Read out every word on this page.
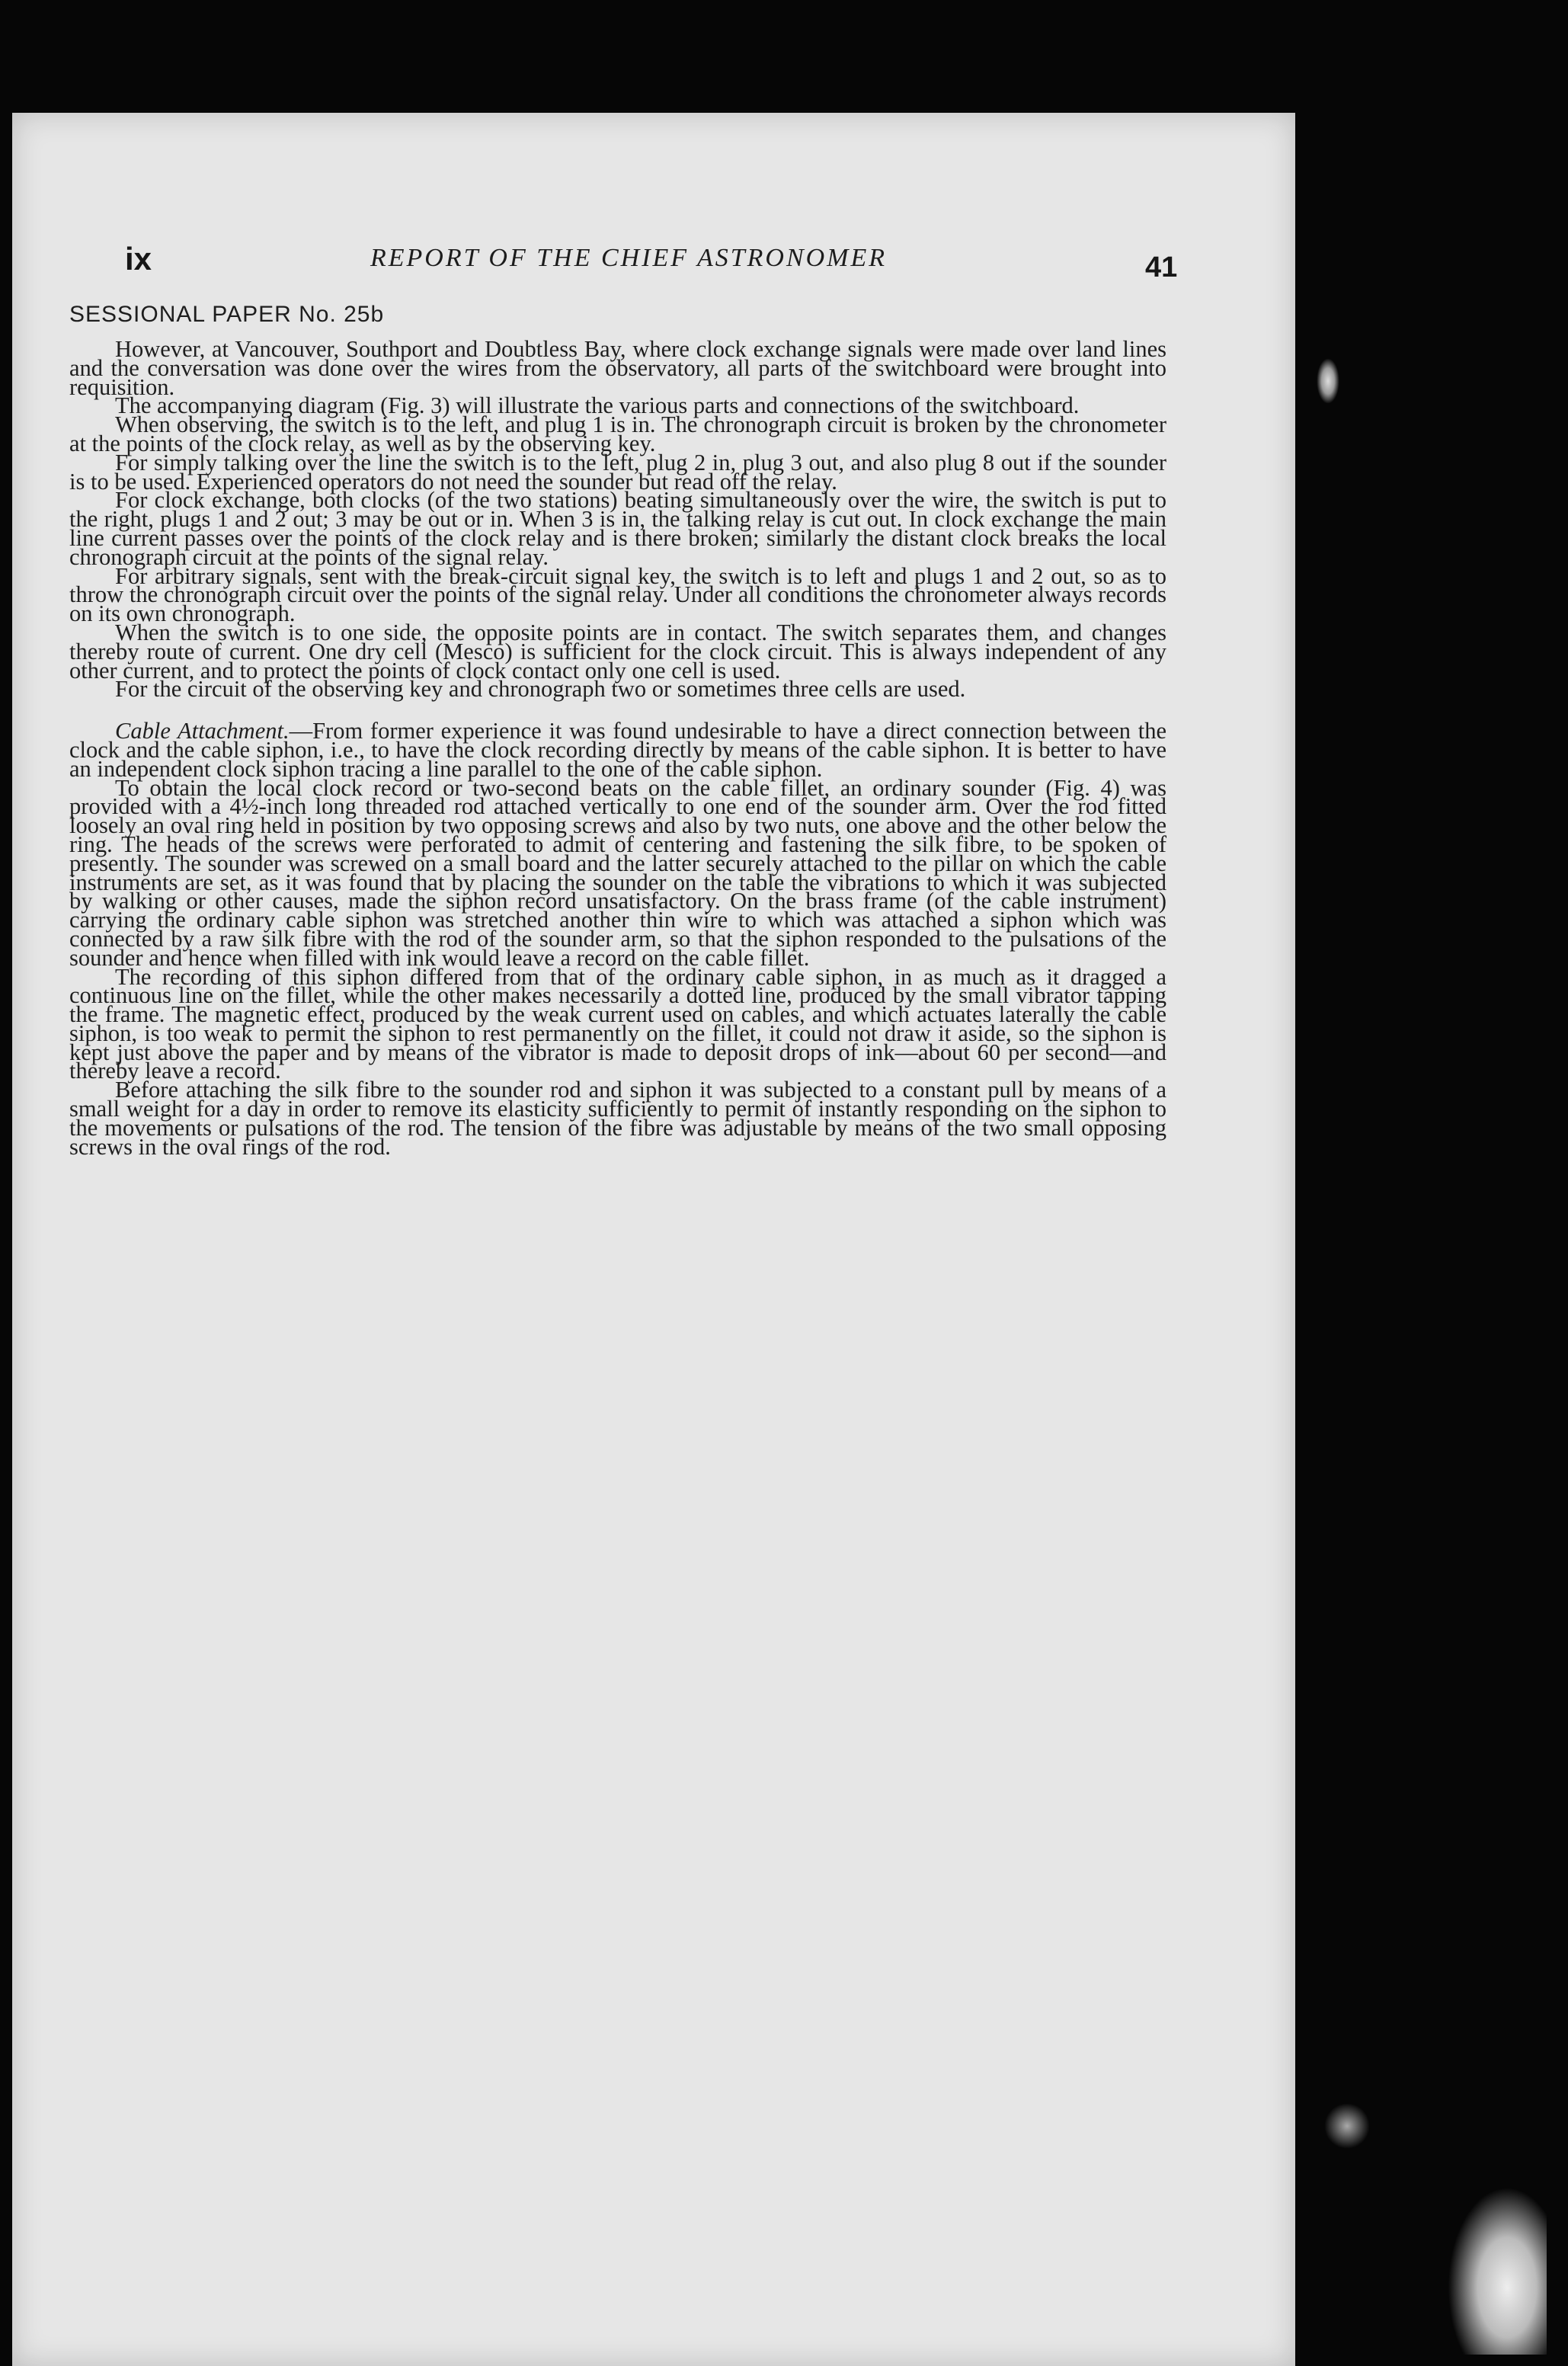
ix	REPORT OF THE CHIEF ASTRONOMER	41
SESSIONAL PAPER No. 25b

However, at Vancouver, Southport and Doubtless Bay, where clock exchange signals were made over land lines and the conversation was done over the wires from the observatory, all parts of the switchboard were brought into requisition.

The accompanying diagram (Fig. 3) will illustrate the various parts and connections of the switchboard.

When observing, the switch is to the left, and plug 1 is in. The chronograph circuit is broken by the chronometer at the points of the clock relay, as well as by the observing key.

For simply talking over the line the switch is to the left, plug 2 in, plug 3 out, and also plug 8 out if the sounder is to be used. Experienced operators do not need the sounder but read off the relay.

For clock exchange, both clocks (of the two stations) beating simultaneously over the wire, the switch is put to the right, plugs 1 and 2 out; 3 may be out or in. When 3 is in, the talking relay is cut out. In clock exchange the main line current passes over the points of the clock relay and is there broken; similarly the distant clock breaks the local chronograph circuit at the points of the signal relay.

For arbitrary signals, sent with the break-circuit signal key, the switch is to left and plugs 1 and 2 out, so as to throw the chronograph circuit over the points of the signal relay. Under all conditions the chronometer always records on its own chronograph.

When the switch is to one side, the opposite points are in contact. The switch separates them, and changes thereby route of current. One dry cell (Mesco) is sufficient for the clock circuit. This is always independent of any other current, and to protect the points of clock contact only one cell is used.

For the circuit of the observing key and chronograph two or sometimes three cells are used.

Cable Attachment.—From former experience it was found undesirable to have a direct connection between the clock and the cable siphon, i.e., to have the clock recording directly by means of the cable siphon. It is better to have an independent clock siphon tracing a line parallel to the one of the cable siphon.

To obtain the local clock record or two-second beats on the cable fillet, an ordinary sounder (Fig. 4) was provided with a 4½-inch long threaded rod attached vertically to one end of the sounder arm. Over the rod fitted loosely an oval ring held in position by two opposing screws and also by two nuts, one above and the other below the ring. The heads of the screws were perforated to admit of centering and fastening the silk fibre, to be spoken of presently. The sounder was screwed on a small board and the latter securely attached to the pillar on which the cable instruments are set, as it was found that by placing the sounder on the table the vibrations to which it was subjected by walking or other causes, made the siphon record unsatisfactory. On the brass frame (of the cable instrument) carrying the ordinary cable siphon was stretched another thin wire to which was attached a siphon which was connected by a raw silk fibre with the rod of the sounder arm, so that the siphon responded to the pulsations of the sounder and hence when filled with ink would leave a record on the cable fillet.

The recording of this siphon differed from that of the ordinary cable siphon, in as much as it dragged a continuous line on the fillet, while the other makes necessarily a dotted line, produced by the small vibrator tapping the frame. The magnetic effect, produced by the weak current used on cables, and which actuates laterally the cable siphon, is too weak to permit the siphon to rest permanently on the fillet, it could not draw it aside, so the siphon is kept just above the paper and by means of the vibrator is made to deposit drops of ink—about 60 per second—and thereby leave a record.

Before attaching the silk fibre to the sounder rod and siphon it was subjected to a constant pull by means of a small weight for a day in order to remove its elasticity sufficiently to permit of instantly responding on the siphon to the movements or pulsations of the rod. The tension of the fibre was adjustable by means of the two small opposing screws in the oval rings of the rod.
